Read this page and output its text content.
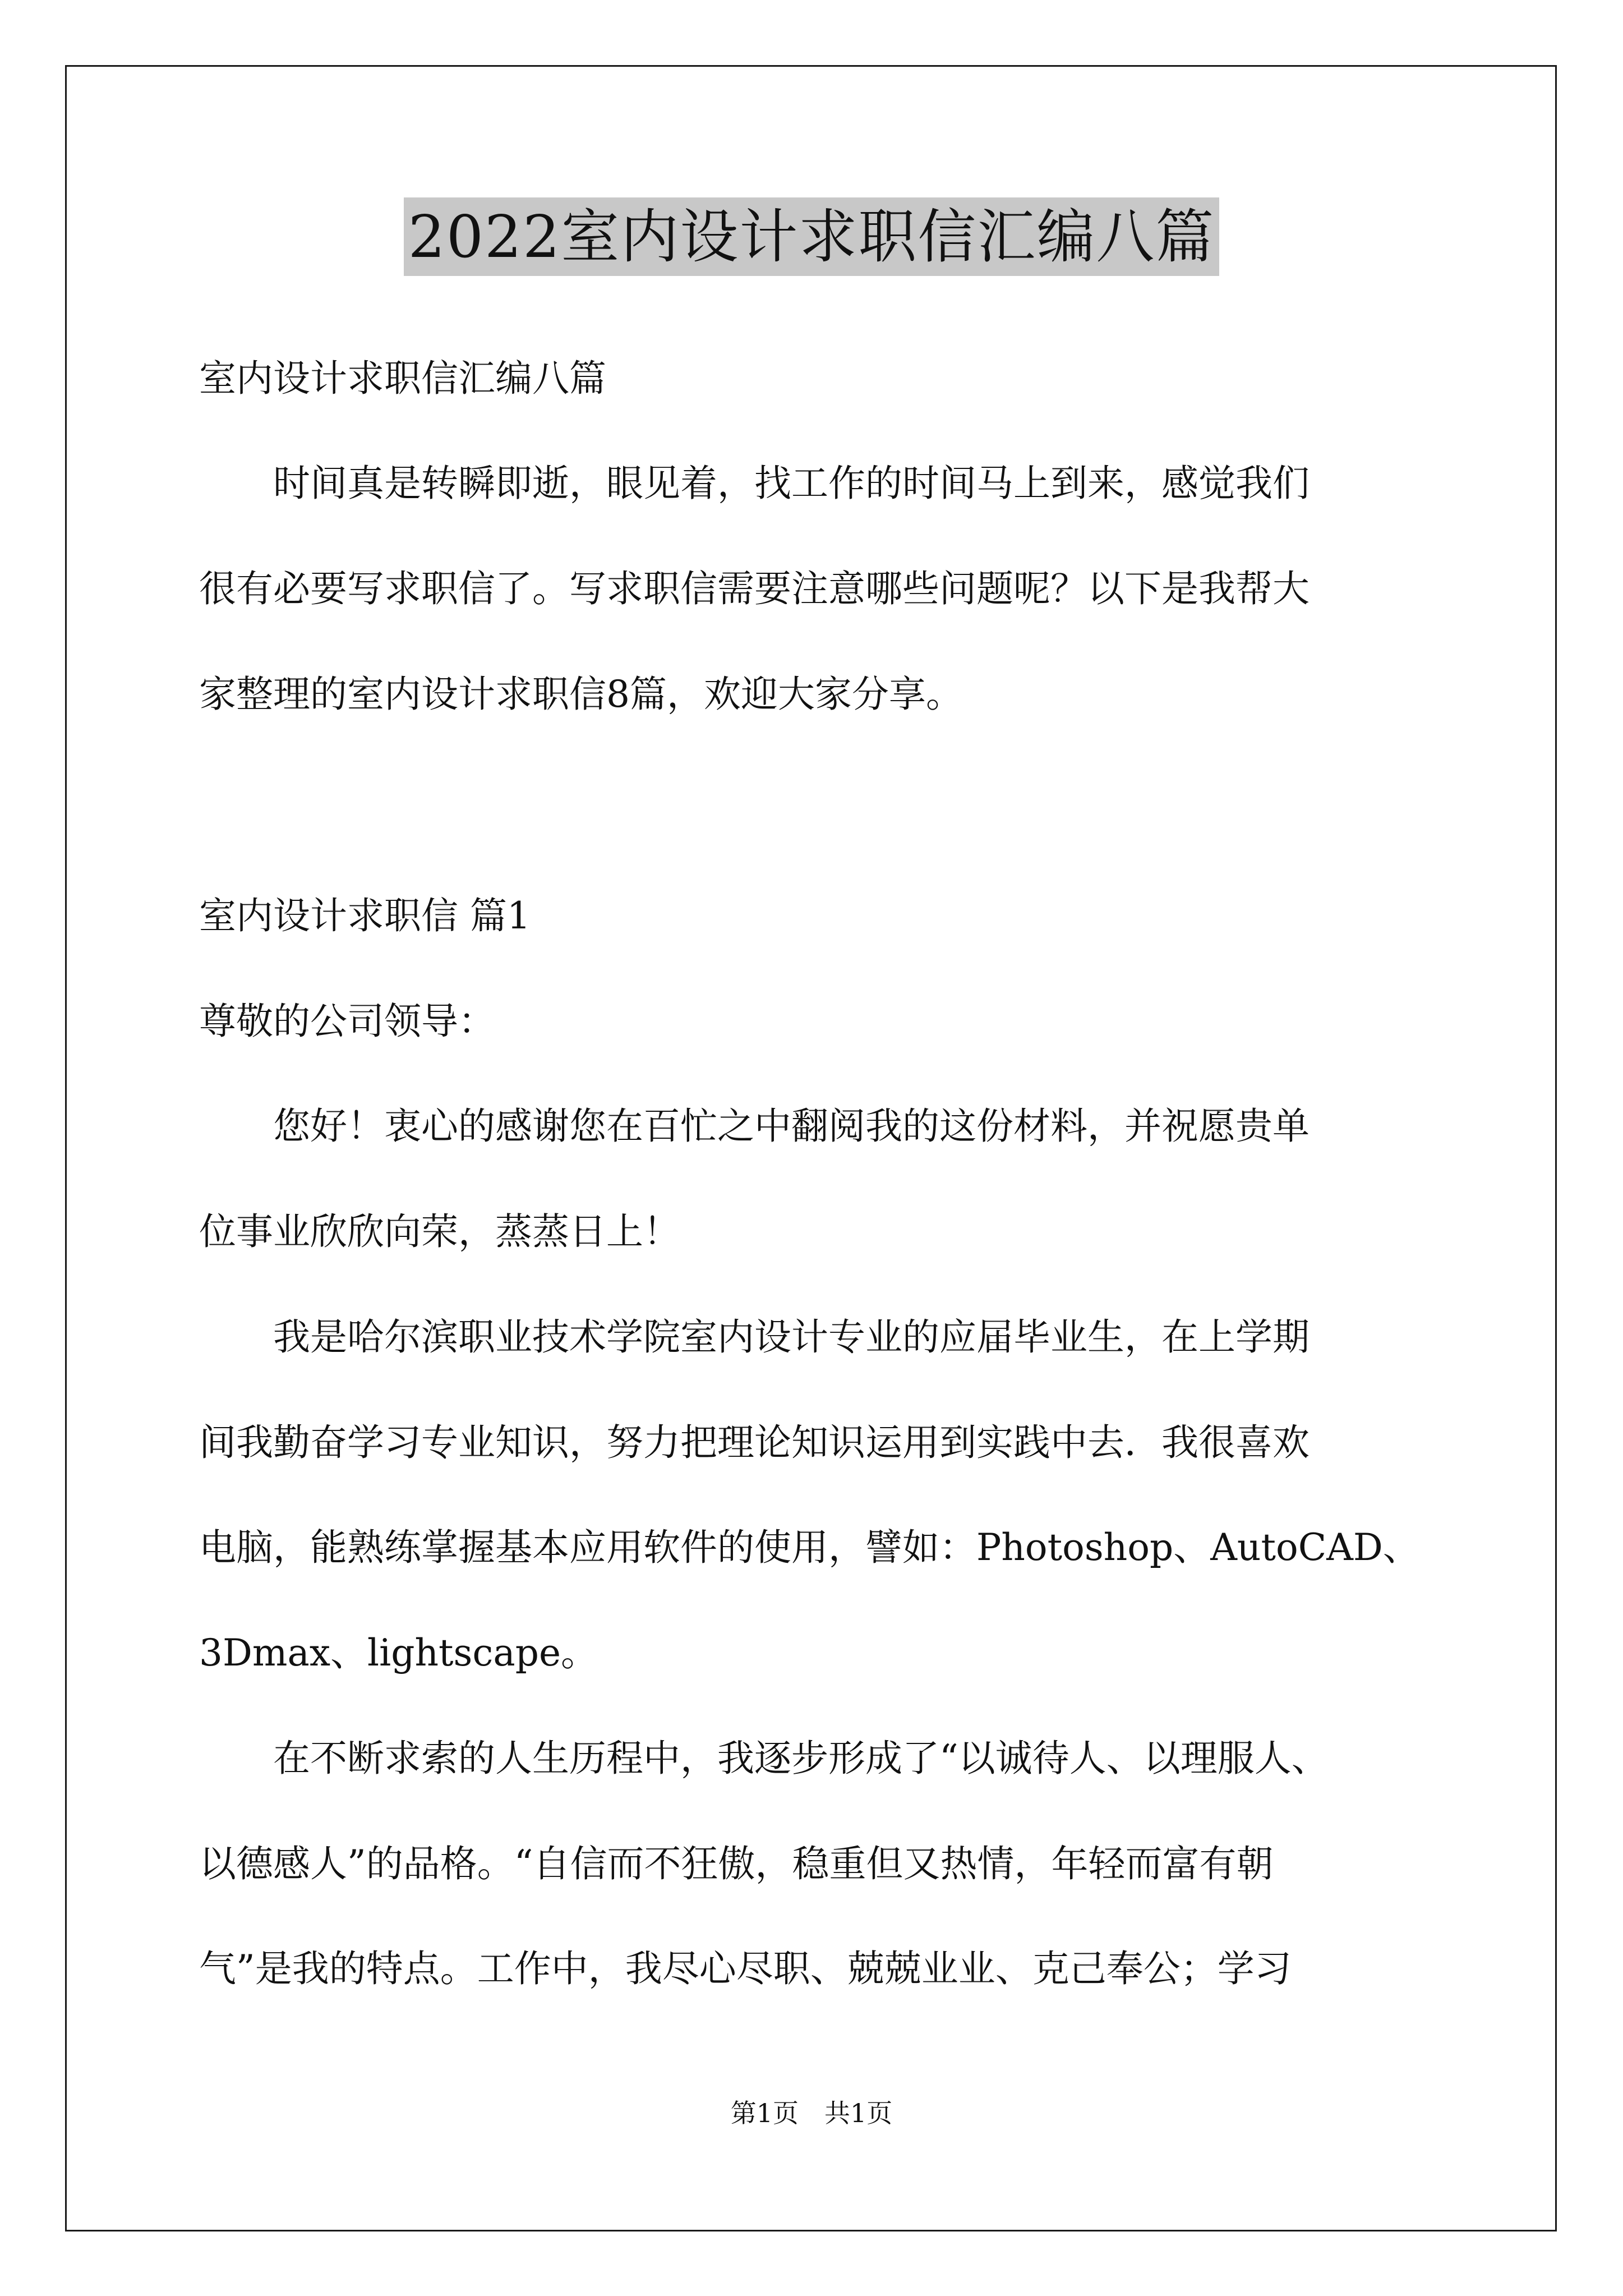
2022室内设计求职信汇编八篇
室内设计求职信汇编八篇
　　时间真是转瞬即逝，眼见着，找工作的时间马上到来，感觉我们
很有必要写求职信了。写求职信需要注意哪些问题呢？以下是我帮大
家整理的室内设计求职信8篇，欢迎大家分享。
室内设计求职信 篇1
尊敬的公司领导：
　　您好！衷心的感谢您在百忙之中翻阅我的这份材料，并祝愿贵单
位事业欣欣向荣，蒸蒸日上！
　　我是哈尔滨职业技术学院室内设计专业的应届毕业生，在上学期
间我勤奋学习专业知识，努力把理论知识运用到实践中去．我很喜欢
电脑，能熟练掌握基本应用软件的使用，譬如：Photoshop、AutoCAD、
3Dmax、lightscape。
　　在不断求索的人生历程中，我逐步形成了“以诚待人、以理服人、
以德感人”的品格。“自信而不狂傲，稳重但又热情，年轻而富有朝
气”是我的特点。工作中，我尽心尽职、兢兢业业、克己奉公；学习
第1页　共1页
